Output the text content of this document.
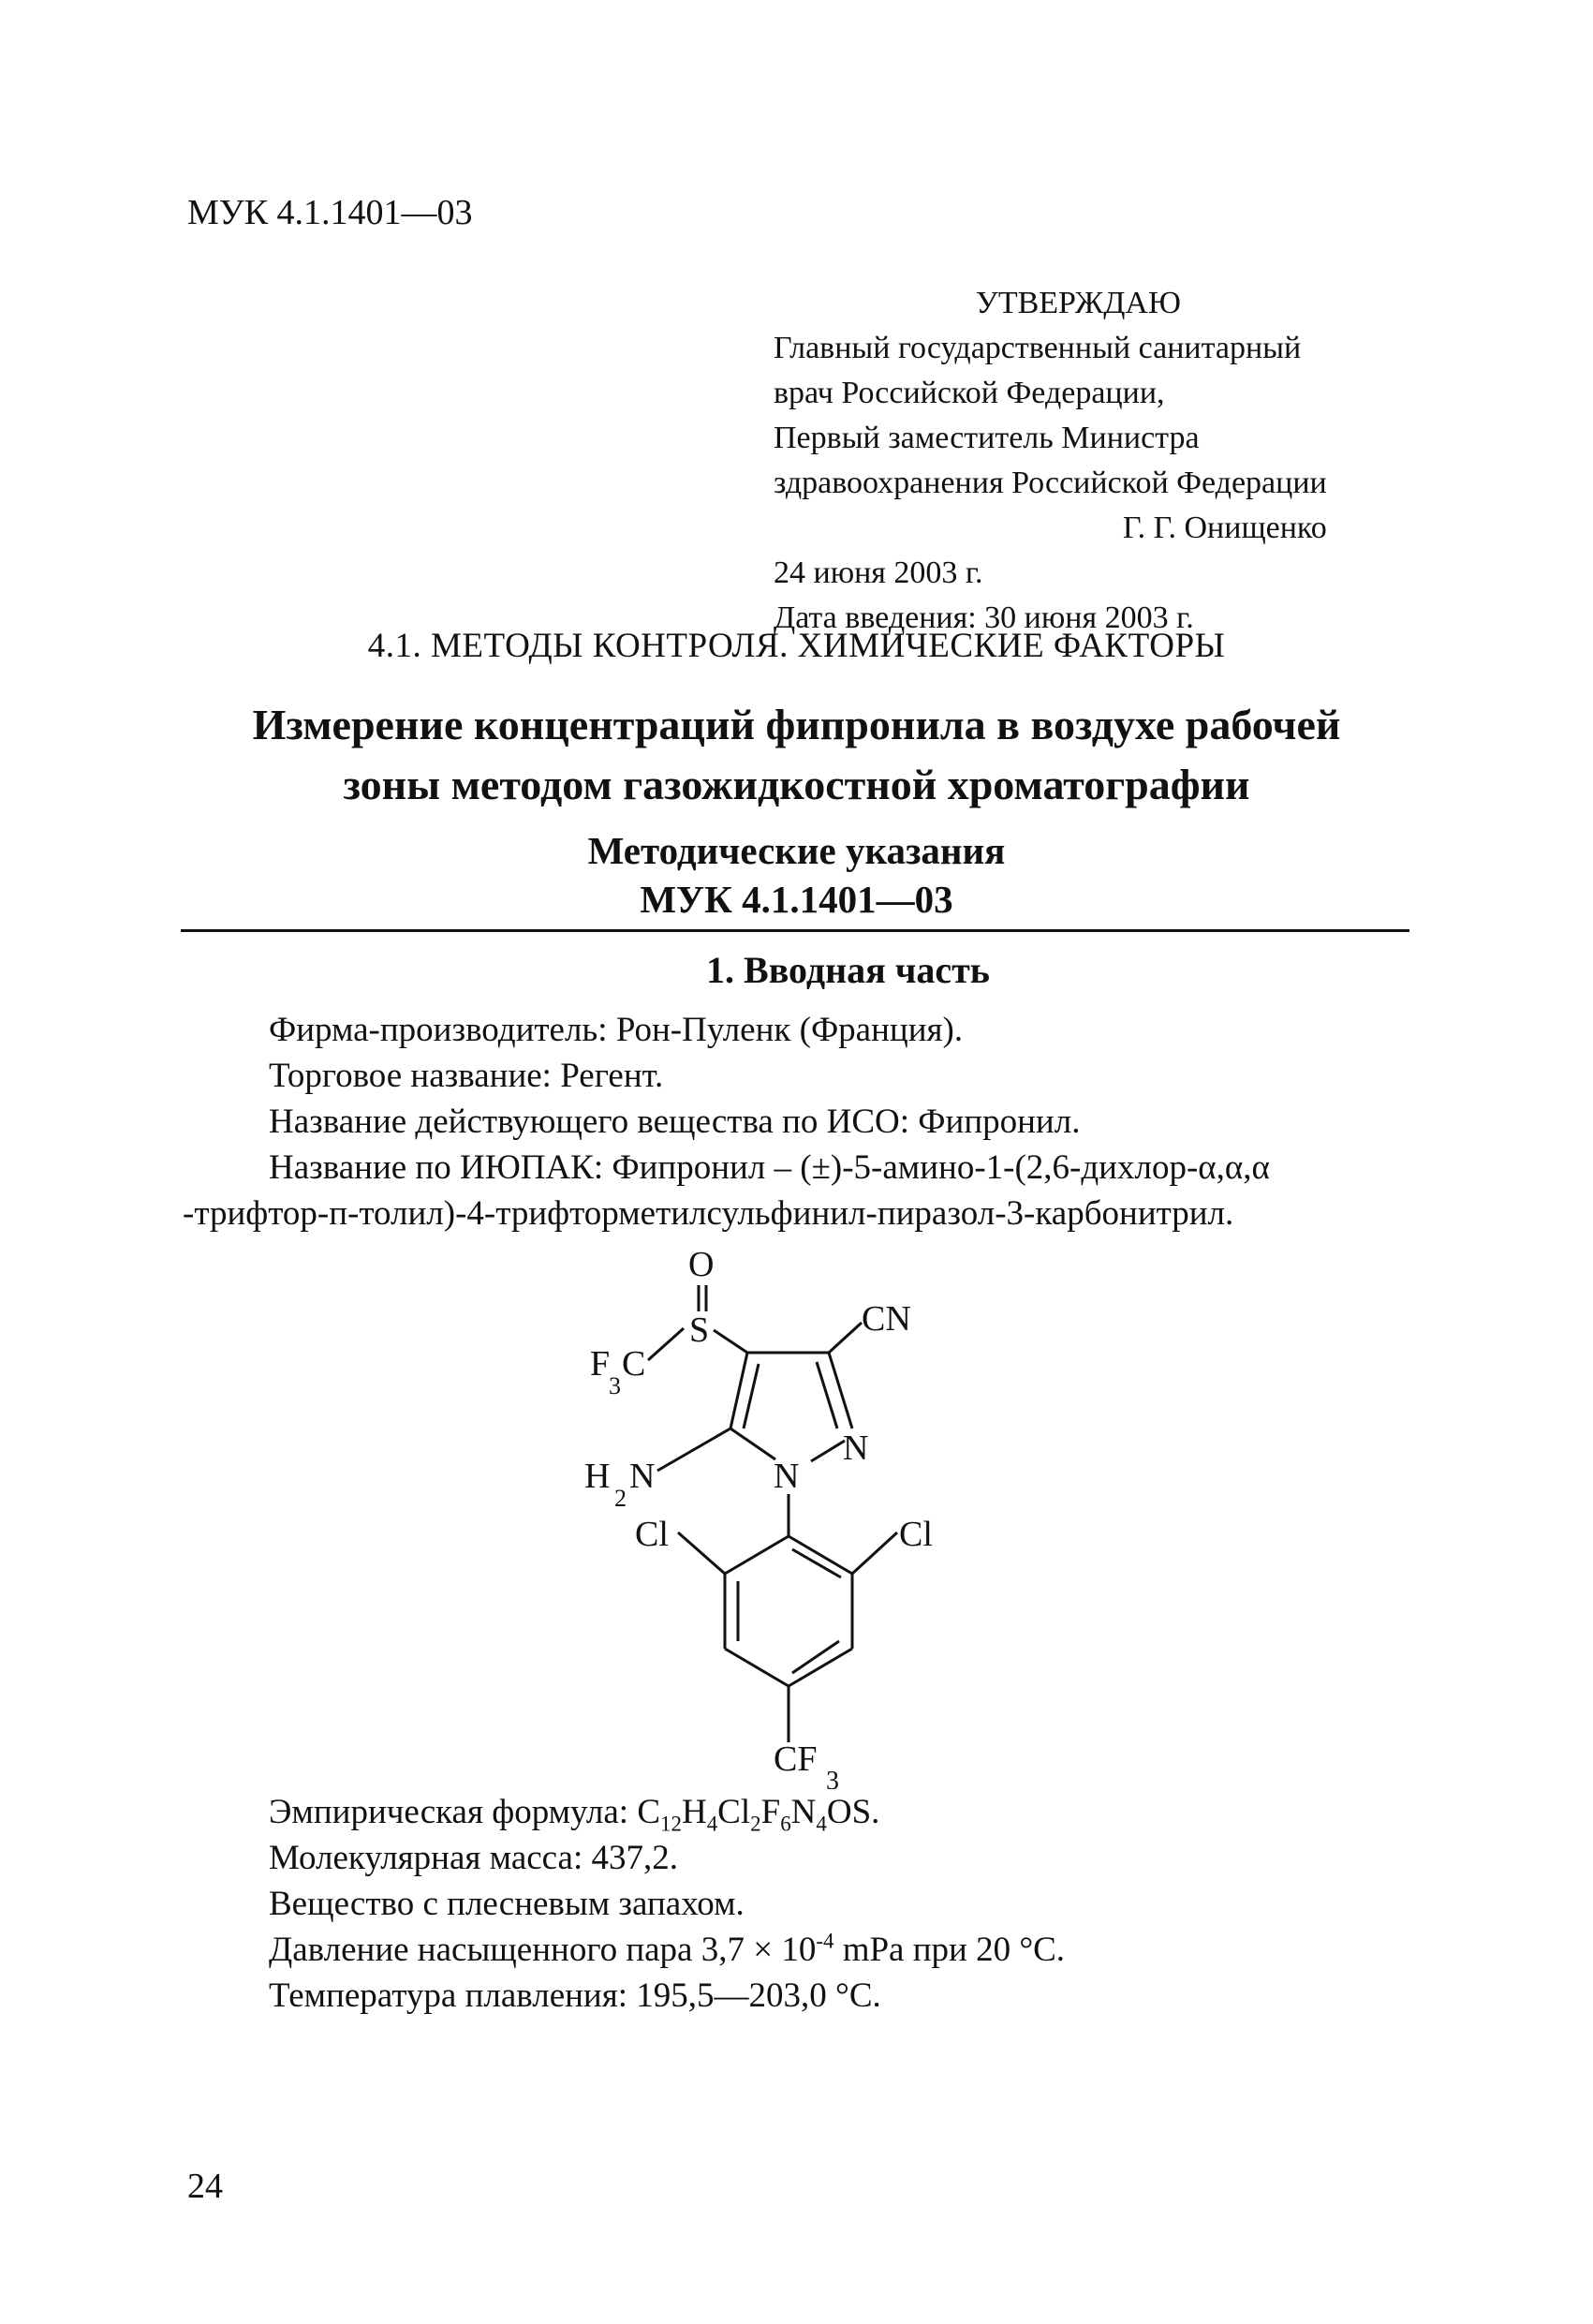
МУК 4.1.1401—03
УТВЕРЖДАЮ
Главный государственный санитарный
врач Российской Федерации,
Первый заместитель Министра
здравоохранения Российской Федерации
Г. Г. Онищенко
24 июня 2003 г.
Дата введения: 30 июня 2003 г.
4.1. МЕТОДЫ КОНТРОЛЯ. ХИМИЧЕСКИЕ ФАКТОРЫ
Измерение концентраций фипронила в воздухе рабочей
зоны методом газожидкостной хроматографии
Методические указания
МУК 4.1.1401—03
1. Вводная часть
Фирма-производитель: Рон-Пуленк (Франция).
Торговое название: Регент.
Название действующего вещества по ИСО: Фипронил.
Название по ИЮПАК: Фипронил – (±)-5-амино-1-(2,6-дихлор-α,α,α
-трифтор-п-толил)-4-трифторметилсульфинил-пиразол-3-карбонитрил.
O
S
F
3
C
N
N
CN
H
2
N
Cl	Cl
CF
3
Эмпирическая формула: $C_{12}H_4Cl_2F_6N_4OS$.
Молекулярная масса: 437,2.
Вещество с плесневым запахом.
Давление насыщенного пара $3,7 \times 10^{-4}$ mPa при 20 °С.
Температура плавления: 195,5—203,0 °С.
24
